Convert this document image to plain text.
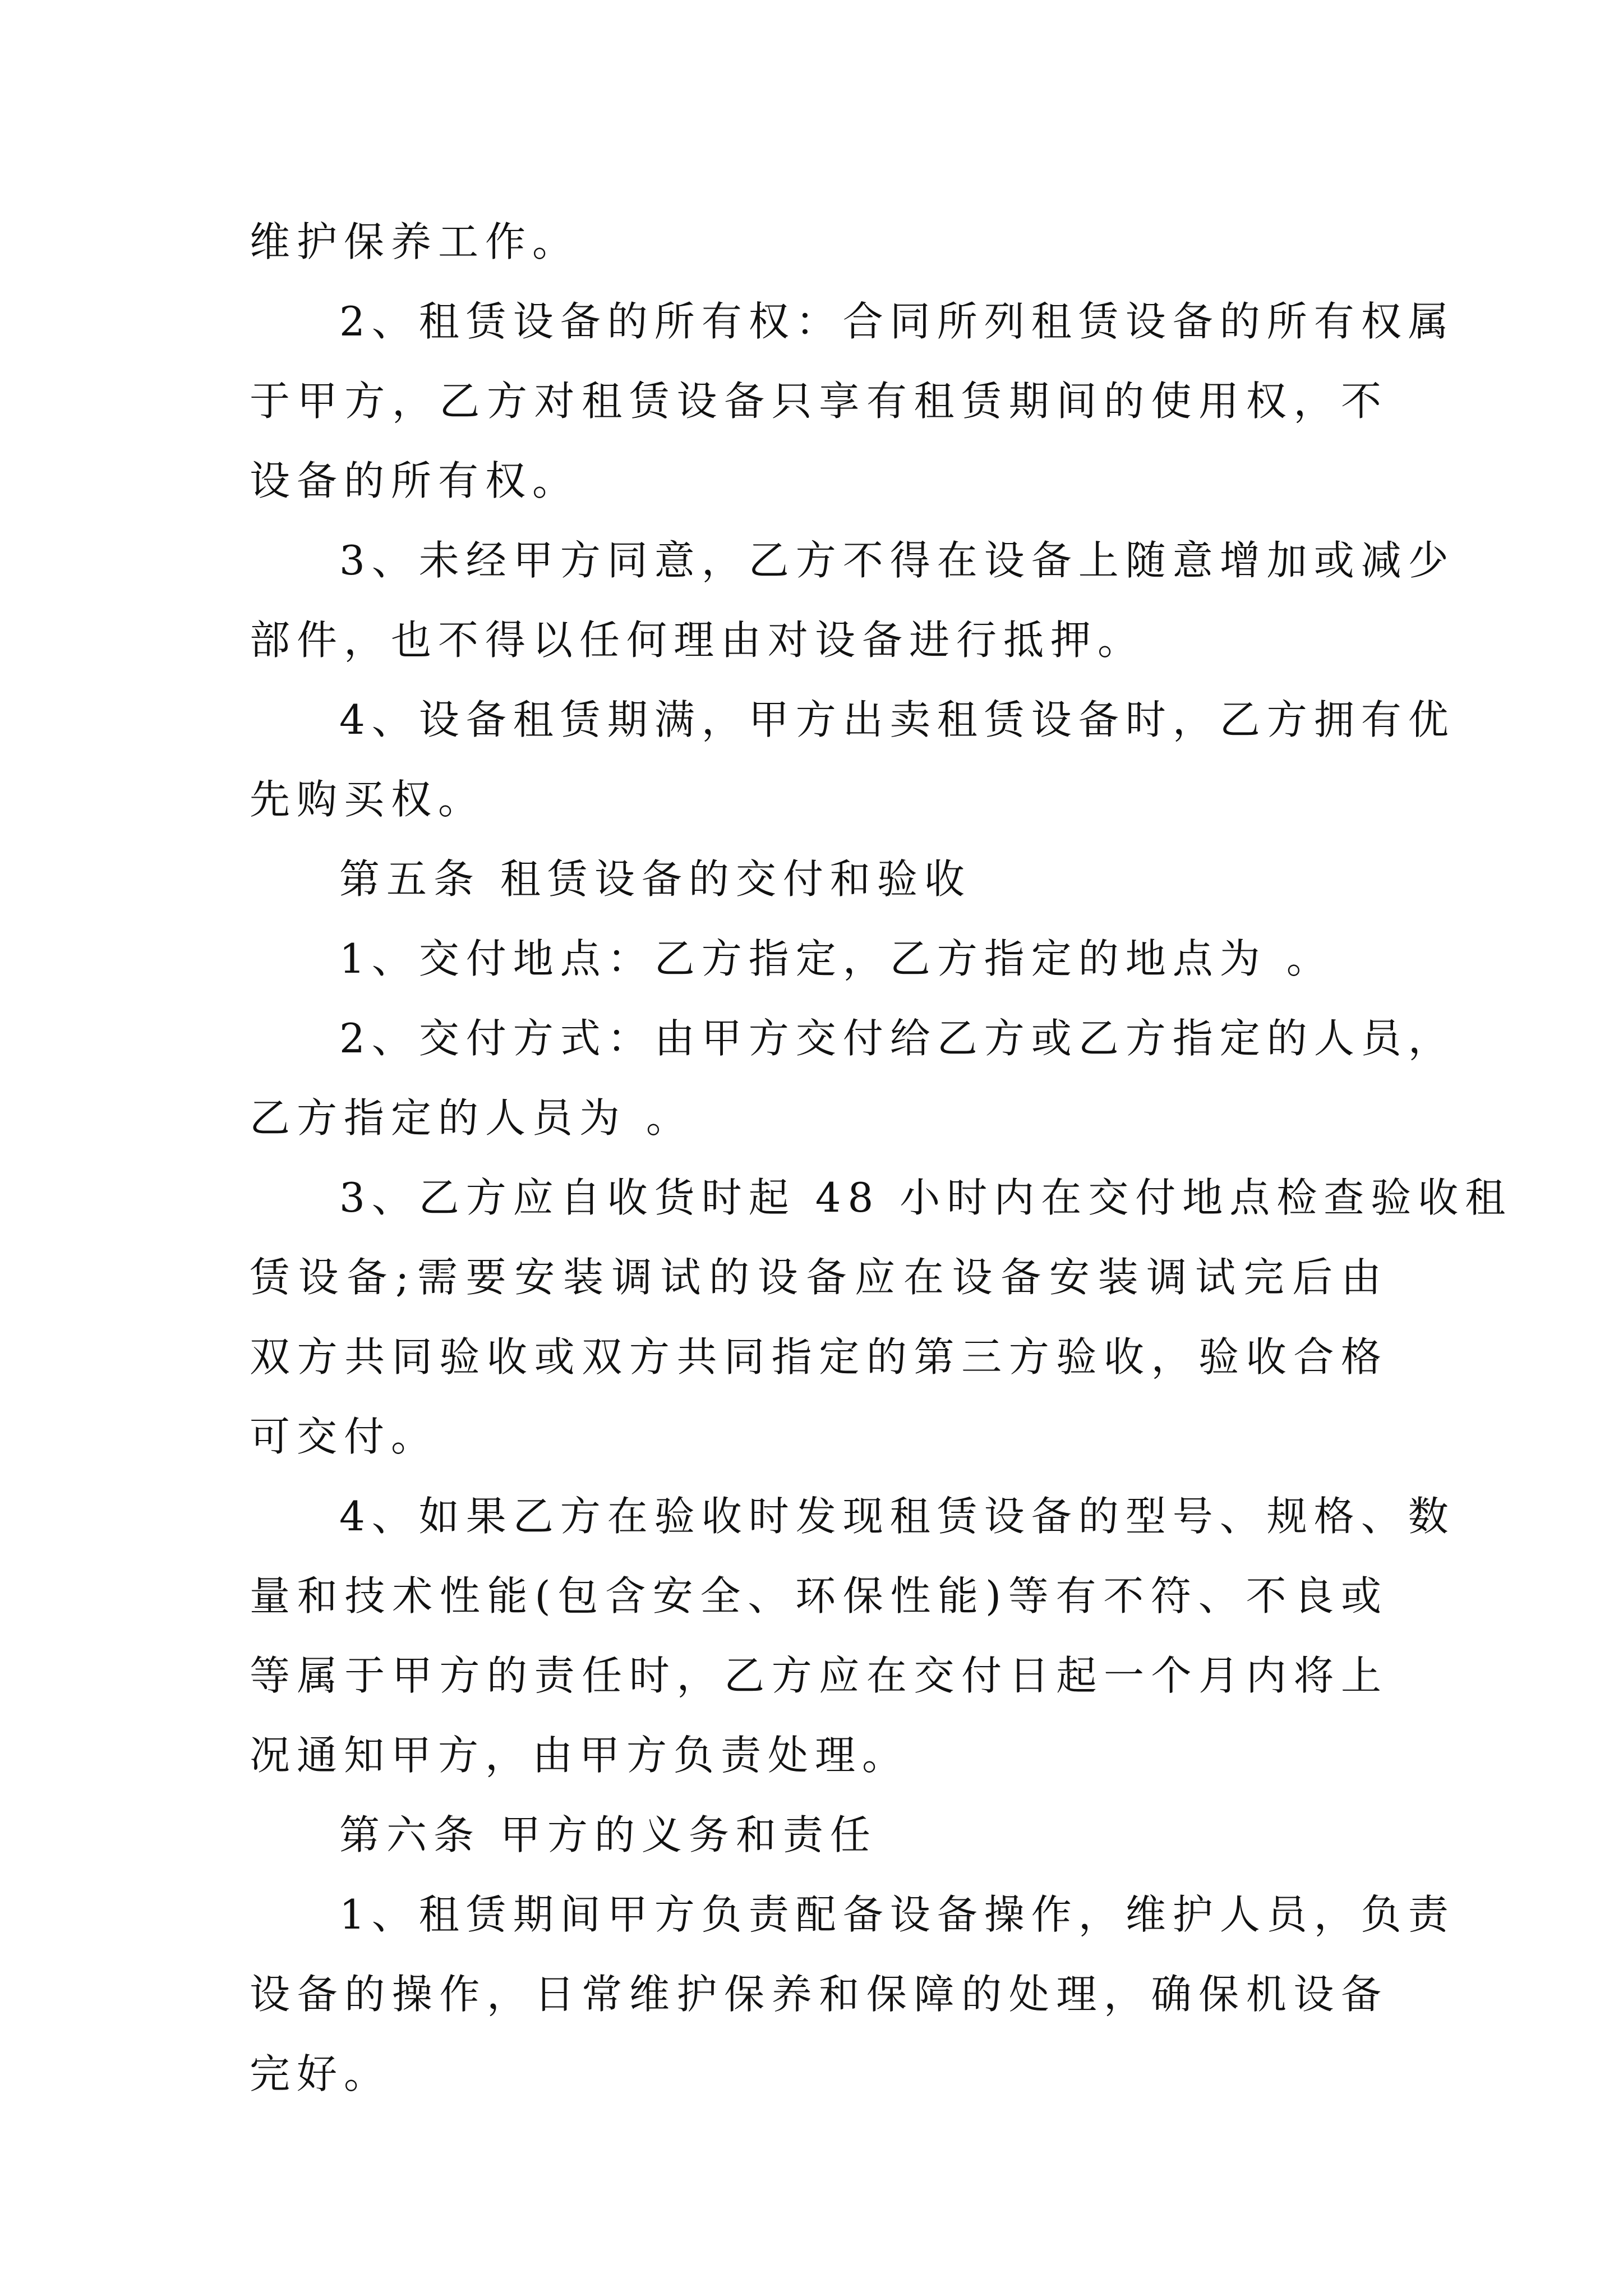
维护保养工作。
2、租赁设备的所有权：合同所列租赁设备的所有权属
于甲方，乙方对租赁设备只享有租赁期间的使用权，不
设备的所有权。
3、未经甲方同意，乙方不得在设备上随意增加或减少
部件，也不得以任何理由对设备进行抵押。
4、设备租赁期满，甲方出卖租赁设备时，乙方拥有优
先购买权。
第五条 租赁设备的交付和验收
1、交付地点：乙方指定，乙方指定的地点为 。
2、交付方式：由甲方交付给乙方或乙方指定的人员，
乙方指定的人员为 。
3、乙方应自收货时起 48 小时内在交付地点检查验收租
赁设备;需要安装调试的设备应在设备安装调试完后由
双方共同验收或双方共同指定的第三方验收，验收合格
可交付。
4、如果乙方在验收时发现租赁设备的型号、规格、数
量和技术性能(包含安全、环保性能)等有不符、不良或
等属于甲方的责任时，乙方应在交付日起一个月内将上
况通知甲方，由甲方负责处理。
第六条 甲方的义务和责任
1、租赁期间甲方负责配备设备操作，维护人员，负责
设备的操作，日常维护保养和保障的处理，确保机设备
完好。
